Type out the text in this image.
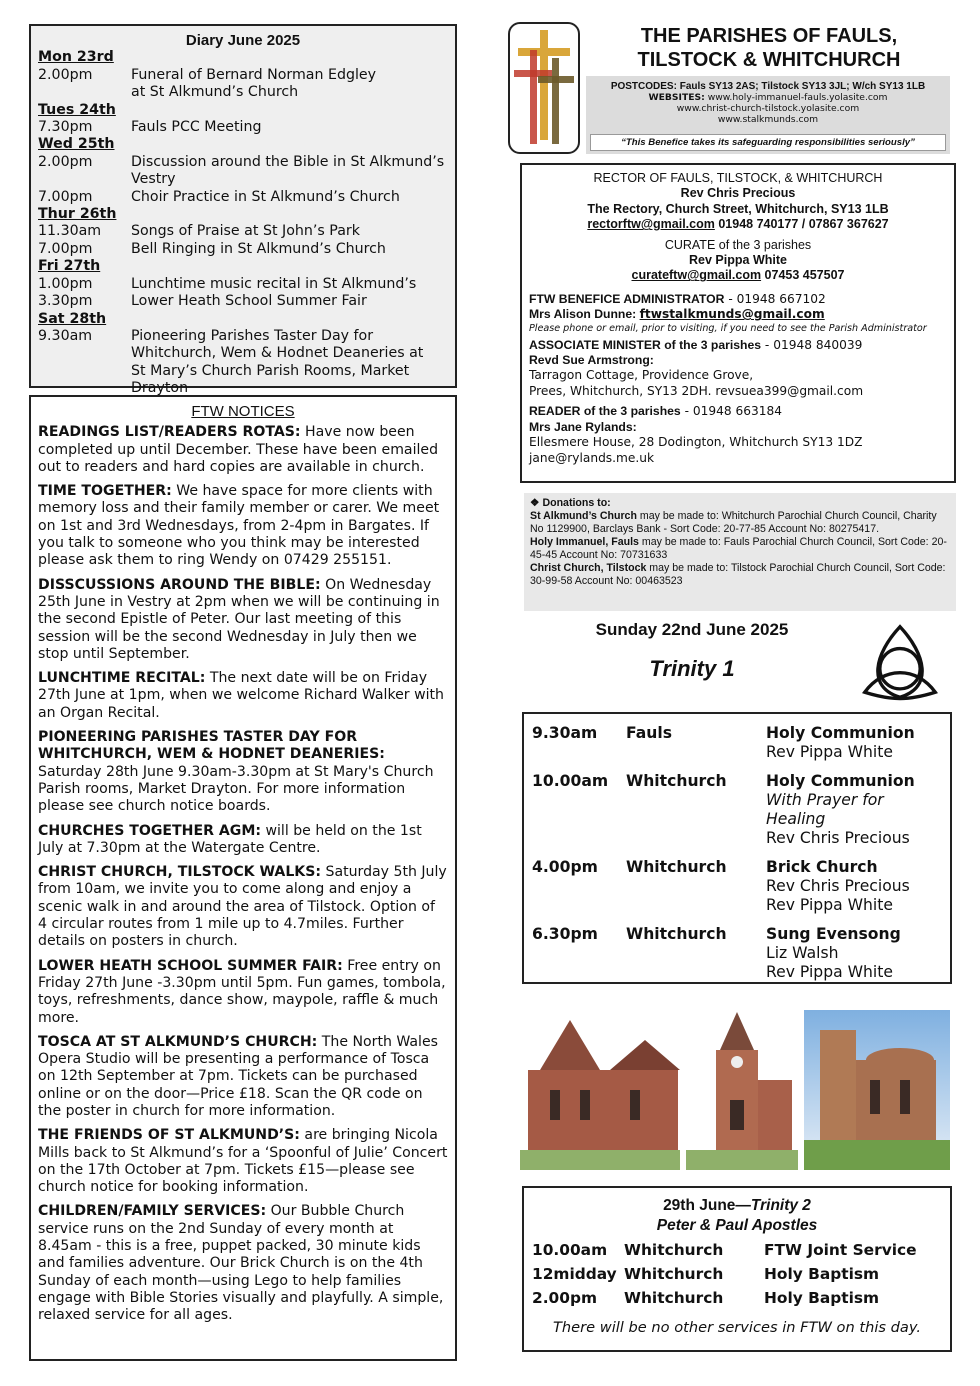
Diary June 2025
Mon 23rd
2.00pm	Funeral of Bernard Norman Edgley
at St Alkmund’s Church
Tues 24th
7.30pm	Fauls PCC Meeting
Wed 25th
2.00pm	Discussion around the Bible in St Alkmund’s
Vestry
7.00pm	Choir Practice in St Alkmund’s Church
Thur 26th
11.30am	Songs of Praise at St John’s Park
7.00pm	Bell Ringing in St Alkmund’s Church
Fri 27th
1.00pm	Lunchtime music recital in St Alkmund’s
3.30pm	Lower Heath School Summer Fair
Sat 28th
9.30am	Pioneering Parishes Taster Day for
Whitchurch, Wem & Hodnet Deaneries at
St Mary’s Church Parish Rooms, Market Drayton
FTW NOTICES
READINGS LIST/READERS ROTAS: Have now been completed up until December. These have been emailed out to readers and hard copies are available in church.
TIME TOGETHER: We have space for more clients with memory loss and their family member or carer. We meet on 1st and 3rd Wednesdays, from 2-4pm in Bargates. If you talk to someone who you think may be interested please ask them to ring Wendy on 07429 255151.
DISSCUSSIONS AROUND THE BIBLE: On Wednesday 25th June in Vestry at 2pm when we will be continuing in the second Epistle of Peter. Our last meeting of this session will be the second Wednesday in July then we stop until September.
LUNCHTIME RECITAL: The next date will be on Friday 27th June at 1pm, when we welcome Richard Walker with an Organ Recital.
PIONEERING PARISHES TASTER DAY FOR WHITCHURCH, WEM & HODNET DEANERIES: Saturday 28th June 9.30am-3.30pm at St Mary's Church Parish rooms, Market Drayton. For more information please see church notice boards.
CHURCHES TOGETHER AGM: will be held on the 1st July at 7.30pm at the Watergate Centre.
CHRIST CHURCH, TILSTOCK WALKS: Saturday 5th July from 10am, we invite you to come along and enjoy a scenic walk in and around the area of Tilstock. Option of 4 circular routes from 1 mile up to 4.7miles. Further details on posters in church.
LOWER HEATH SCHOOL SUMMER FAIR: Free entry on Friday 27th June -3.30pm until 5pm. Fun games, tombola, toys, refreshments, dance show, maypole, raffle & much more.
TOSCA AT ST ALKMUND’S CHURCH: The North Wales Opera Studio will be presenting a performance of Tosca on 12th September at 7pm. Tickets can be purchased online or on the door—Price £18. Scan the QR code on the poster in church for more information.
THE FRIENDS OF ST ALKMUND’S: are bringing Nicola Mills back to St Alkmund’s for a ‘Spoonful of Julie’ Concert on the 17th October at 7pm. Tickets £15—please see church notice for booking information.
CHILDREN/FAMILY SERVICES: Our Bubble Church service runs on the 2nd Sunday of every month at 8.45am - this is a free, puppet packed, 30 minute kids and families adventure. Our Brick Church is on the 4th Sunday of each month—using Lego to help families engage with Bible Stories visually and playfully. A simple, relaxed service for all ages.
THE PARISHES OF FAULS,
TILSTOCK & WHITCHURCH
POSTCODES: Fauls SY13 2AS; Tilstock SY13 3JL; W/ch SY13 1LB
WEBSITES: www.holy-immanuel-fauls.yolasite.com
www.christ-church-tilstock.yolasite.com
www.stalkmunds.com
“This Benefice takes its safeguarding responsibilities seriously”
RECTOR OF FAULS, TILSTOCK, & WHITCHURCH
Rev Chris Precious
The Rectory, Church Street, Whitchurch, SY13 1LB
rectorftw@gmail.com 01948 740177 / 07867 367627
CURATE of the 3 parishes
Rev Pippa White
curateftw@gmail.com 07453 457507
FTW BENEFICE ADMINISTRATOR - 01948 667102
Mrs Alison Dunne: ftwstalkmunds@gmail.com
Please phone or email, prior to visiting, if you need to see the Parish Administrator
ASSOCIATE MINISTER of the 3 parishes - 01948 840039
Revd Sue Armstrong:
Tarragon Cottage, Providence Grove,
Prees, Whitchurch, SY13 2DH. revsuea399@gmail.com
READER of the 3 parishes - 01948 663184
Mrs Jane Rylands:
Ellesmere House, 28 Dodington, Whitchurch SY13 1DZ
jane@rylands.me.uk
❖ Donations to:
St Alkmund’s Church may be made to: Whitchurch Parochial Church Council, Charity No 1129900, Barclays Bank - Sort Code: 20-77-85 Account No: 80275417.
Holy Immanuel, Fauls may be made to: Fauls Parochial Church Council, Sort Code: 20-45-45 Account No: 70731633
Christ Church, Tilstock may be made to: Tilstock Parochial Church Council, Sort Code: 30-99-58 Account No: 00463523
Sunday 22nd June 2025
Trinity 1
9.30am	Fauls	Holy Communion
Rev Pippa White
10.00am	Whitchurch	Holy Communion
With Prayer for Healing
Rev Chris Precious
4.00pm	Whitchurch	Brick Church
Rev Chris Precious
Rev Pippa White
6.30pm	Whitchurch	Sung Evensong
Liz Walsh
Rev Pippa White
29th June—Trinity 2
Peter & Paul Apostles
10.00am	Whitchurch	FTW Joint Service
12midday Whitchurch	Holy Baptism
2.00pm	Whitchurch	Holy Baptism
There will be no other services in FTW on this day.
